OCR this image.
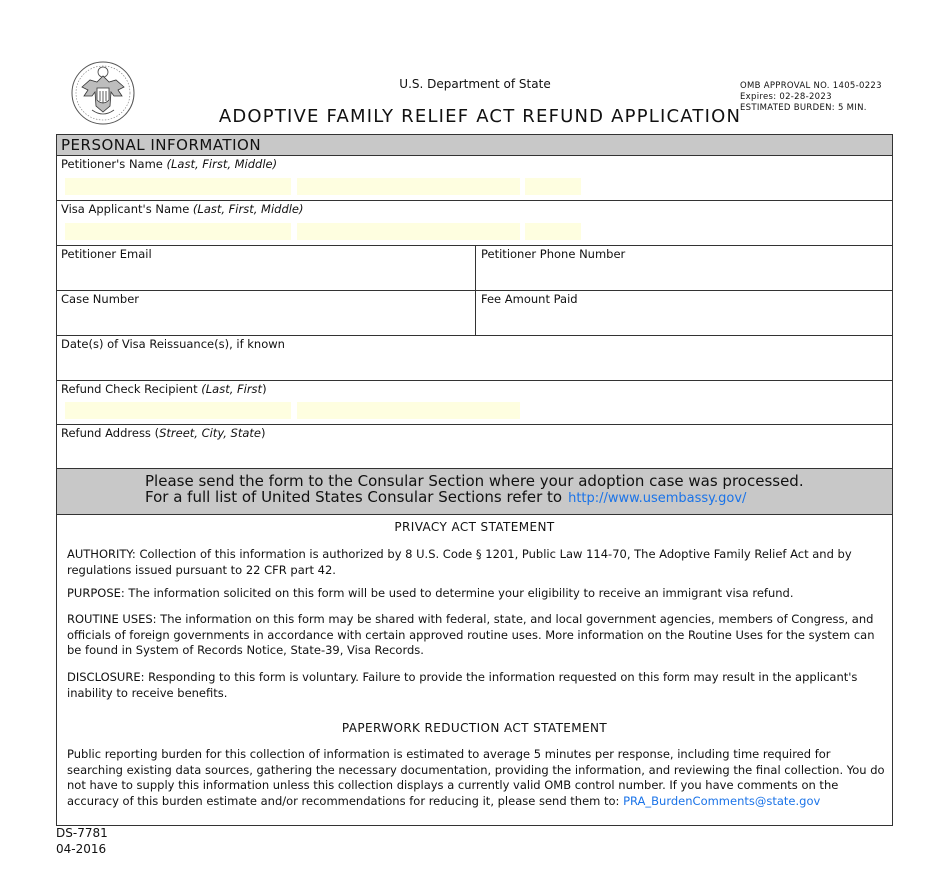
U.S. Department of State
ADOPTIVE FAMILY RELIEF ACT REFUND APPLICATION
OMB APPROVAL NO. 1405-0223
Expires: 02-28-2023
ESTIMATED BURDEN: 5 MIN.
PERSONAL INFORMATION
Petitioner's Name (Last, First, Middle)
Visa Applicant's Name (Last, First, Middle)
Petitioner Email	Petitioner Phone Number
Case Number	Fee Amount Paid
Date(s) of Visa Reissuance(s), if known
Refund Check Recipient (Last, First)
Refund Address (Street, City, State)
Please send the form to the Consular Section where your adoption case was processed.
For a full list of United States Consular Sections refer to http://www.usembassy.gov/
PRIVACY ACT STATEMENT
AUTHORITY: Collection of this information is authorized by 8 U.S. Code § 1201, Public Law 114-70, The Adoptive Family Relief Act and by regulations issued pursuant to 22 CFR part 42.
PURPOSE: The information solicited on this form will be used to determine your eligibility to receive an immigrant visa refund.
ROUTINE USES: The information on this form may be shared with federal, state, and local government agencies, members of Congress, and officials of foreign governments in accordance with certain approved routine uses. More information on the Routine Uses for the system can be found in System of Records Notice, State-39, Visa Records.
DISCLOSURE: Responding to this form is voluntary. Failure to provide the information requested on this form may result in the applicant's inability to receive benefits.
PAPERWORK REDUCTION ACT STATEMENT
Public reporting burden for this collection of information is estimated to average 5 minutes per response, including time required for searching existing data sources, gathering the necessary documentation, providing the information, and reviewing the final collection. You do not have to supply this information unless this collection displays a currently valid OMB control number. If you have comments on the accuracy of this burden estimate and/or recommendations for reducing it, please send them to: PRA_BurdenComments@state.gov
DS-7781
04-2016
